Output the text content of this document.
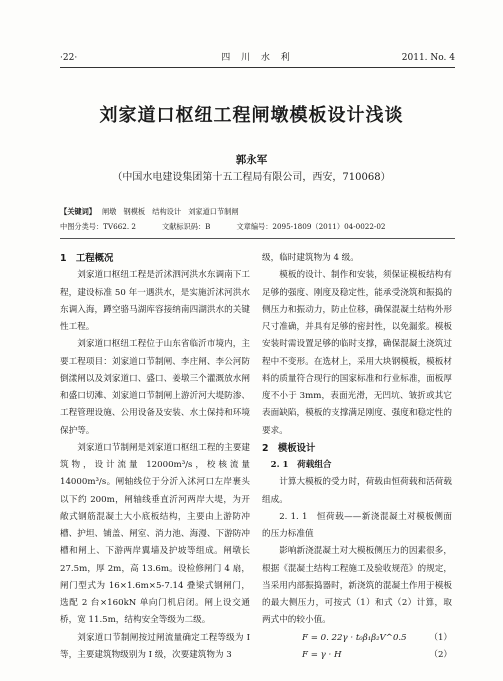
·22·	四 川 水 利	2011. No. 4
刘家道口枢纽工程闸墩模板设计浅谈
郭永军
（中国水电建设集团第十五工程局有限公司，西安，710068）
【关键词】 闸墩　钢模板　结构设计　刘家道口节制闸
中图分类号：TV662. 2	文献标识码：B	文章编号：2095-1809（2011）04-0022-02

1　工程概况

刘家道口枢纽工程是沂沭泗河洪水东调南下工程，建设标准 50 年一遇洪水，是实施沂沭河洪水东调入海，蹲空骆马湖库容接纳南四湖洪水的关键性工程。

刘家道口枢纽工程位于山东省临沂市境内，主要工程项目：刘家道口节制闸、李庄闸、李公河防倒漾闸以及刘家道口、盛口、姜墩三个灌溉放水闸和盛口切滩、刘家道口节制闸上游沂河大堤防渗、工程管理设施、公用设备及安装、水土保持和环境保护等。

刘家道口节制闸是刘家道口枢纽工程的主要建筑物，设计流量 12000m³/s，校核流量 14000m³/s。闸轴线位于分沂入沭河口左岸裹头以下约 200m，闸轴线垂直沂河两岸大堤，为开敞式钢筋混凝土大小底板结构，主要由上游防冲槽、护坦、铺盖、闸室、消力池、海漫、下游防冲槽和闸上、下游两岸翼墙及护坡等组成。闸墩长 27.5m，厚 2m，高 13.6m。设检修闸门 4 扇，闸门型式为 16×1.6m×5-7.14 叠梁式钢闸门，选配 2 台×160kN 单向门机启闭。闸上设交通桥，宽 11.5m，结构安全等级为二级。

刘家道口节制闸按过闸流量确定工程等级为 Ⅰ 等，主要建筑物级别为 Ⅰ 级，次要建筑物为 3

级，临时建筑物为 4 级。

模板的设计、制作和安装，须保证模板结构有足够的强度、刚度及稳定性，能承受浇筑和振捣的侧压力和振动力，防止位移，确保混凝土结构外形尺寸准确，并具有足够的密封性，以免漏浆。模板安装时需设置足够的临时支撑，确保混凝土浇筑过程中不变形。在选材上，采用大块钢模板，模板材料的质量符合现行的国家标准和行业标准，面板厚度不小于 3mm，表面光滑，无凹坑、皱折或其它表面缺陷，模板的支撑满足刚度、强度和稳定性的要求。

2　模板设计

2. 1　荷载组合

计算大模板的受力时，荷载由恒荷载和活荷载组成。

2. 1. 1　恒荷载——新浇混凝土对模板侧面的压力标准值

影响新浇混凝土对大模板侧压力的因素很多，根据《混凝土结构工程施工及验收规范》的规定，当采用内部振捣器时，新浇筑的混凝土作用于模板的最大侧压力，可按式（1）和式（2）计算，取两式中的较小值。

F = 0. 22γ · t₀β₁β₂V^0.5	（1）
F = γ · H	（2）
